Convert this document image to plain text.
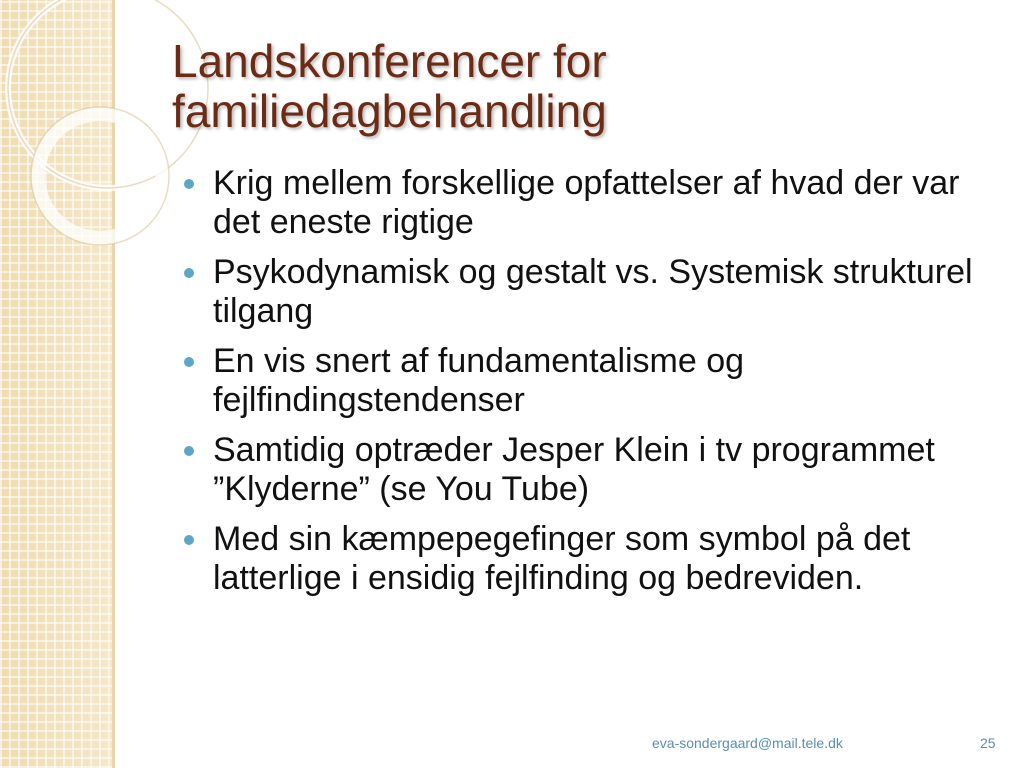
Landskonferencer for familiedagbehandling
Krig mellem forskellige opfattelser af hvad der var det eneste rigtige
Psykodynamisk og gestalt vs. Systemisk strukturel tilgang
En vis snert af fundamentalisme og fejlfindingstendenser
Samtidig optræder Jesper Klein i tv programmet ”Klyderne” (se You Tube)
Med sin kæmpepegefinger som symbol på det latterlige i ensidig fejlfinding og bedreviden.
eva-sondergaard@mail.tele.dk	25
